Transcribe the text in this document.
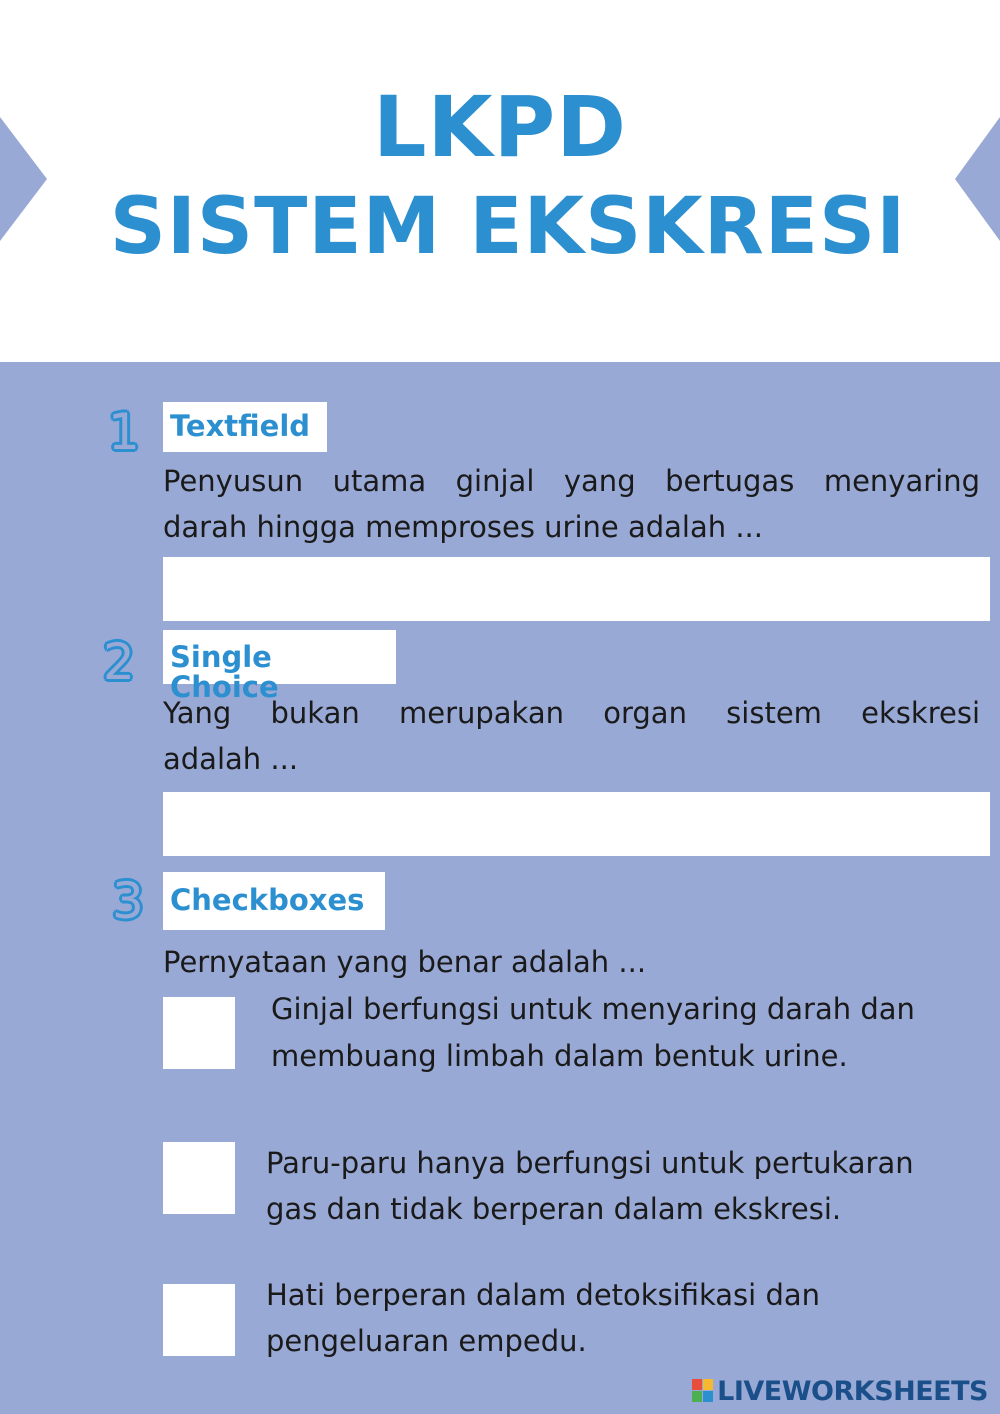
LKPD
SISTEM EKSKRESI
1 Textfield
Penyusun utama ginjal yang bertugas menyaring
darah hingga memproses urine adalah ...
2 Single Choice
Yang bukan merupakan organ sistem ekskresi
adalah ...
3 Checkboxes
Pernyataan yang benar adalah ...
Ginjal berfungsi untuk menyaring darah dan
membuang limbah dalam bentuk urine.
Paru-paru hanya berfungsi untuk pertukaran
gas dan tidak berperan dalam ekskresi.
Hati berperan dalam detoksifikasi dan
pengeluaran empedu.
LIVEWORKSHEETS
